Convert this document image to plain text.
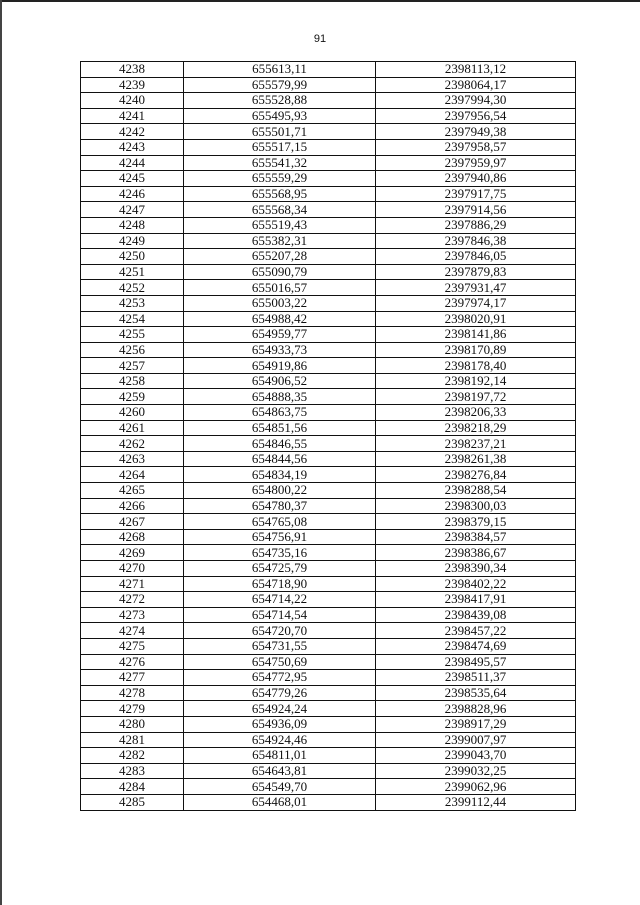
91
4238	655613,11	2398113,12
4239	655579,99	2398064,17
4240	655528,88	2397994,30
4241	655495,93	2397956,54
4242	655501,71	2397949,38
4243	655517,15	2397958,57
4244	655541,32	2397959,97
4245	655559,29	2397940,86
4246	655568,95	2397917,75
4247	655568,34	2397914,56
4248	655519,43	2397886,29
4249	655382,31	2397846,38
4250	655207,28	2397846,05
4251	655090,79	2397879,83
4252	655016,57	2397931,47
4253	655003,22	2397974,17
4254	654988,42	2398020,91
4255	654959,77	2398141,86
4256	654933,73	2398170,89
4257	654919,86	2398178,40
4258	654906,52	2398192,14
4259	654888,35	2398197,72
4260	654863,75	2398206,33
4261	654851,56	2398218,29
4262	654846,55	2398237,21
4263	654844,56	2398261,38
4264	654834,19	2398276,84
4265	654800,22	2398288,54
4266	654780,37	2398300,03
4267	654765,08	2398379,15
4268	654756,91	2398384,57
4269	654735,16	2398386,67
4270	654725,79	2398390,34
4271	654718,90	2398402,22
4272	654714,22	2398417,91
4273	654714,54	2398439,08
4274	654720,70	2398457,22
4275	654731,55	2398474,69
4276	654750,69	2398495,57
4277	654772,95	2398511,37
4278	654779,26	2398535,64
4279	654924,24	2398828,96
4280	654936,09	2398917,29
4281	654924,46	2399007,97
4282	654811,01	2399043,70
4283	654643,81	2399032,25
4284	654549,70	2399062,96
4285	654468,01	2399112,44
